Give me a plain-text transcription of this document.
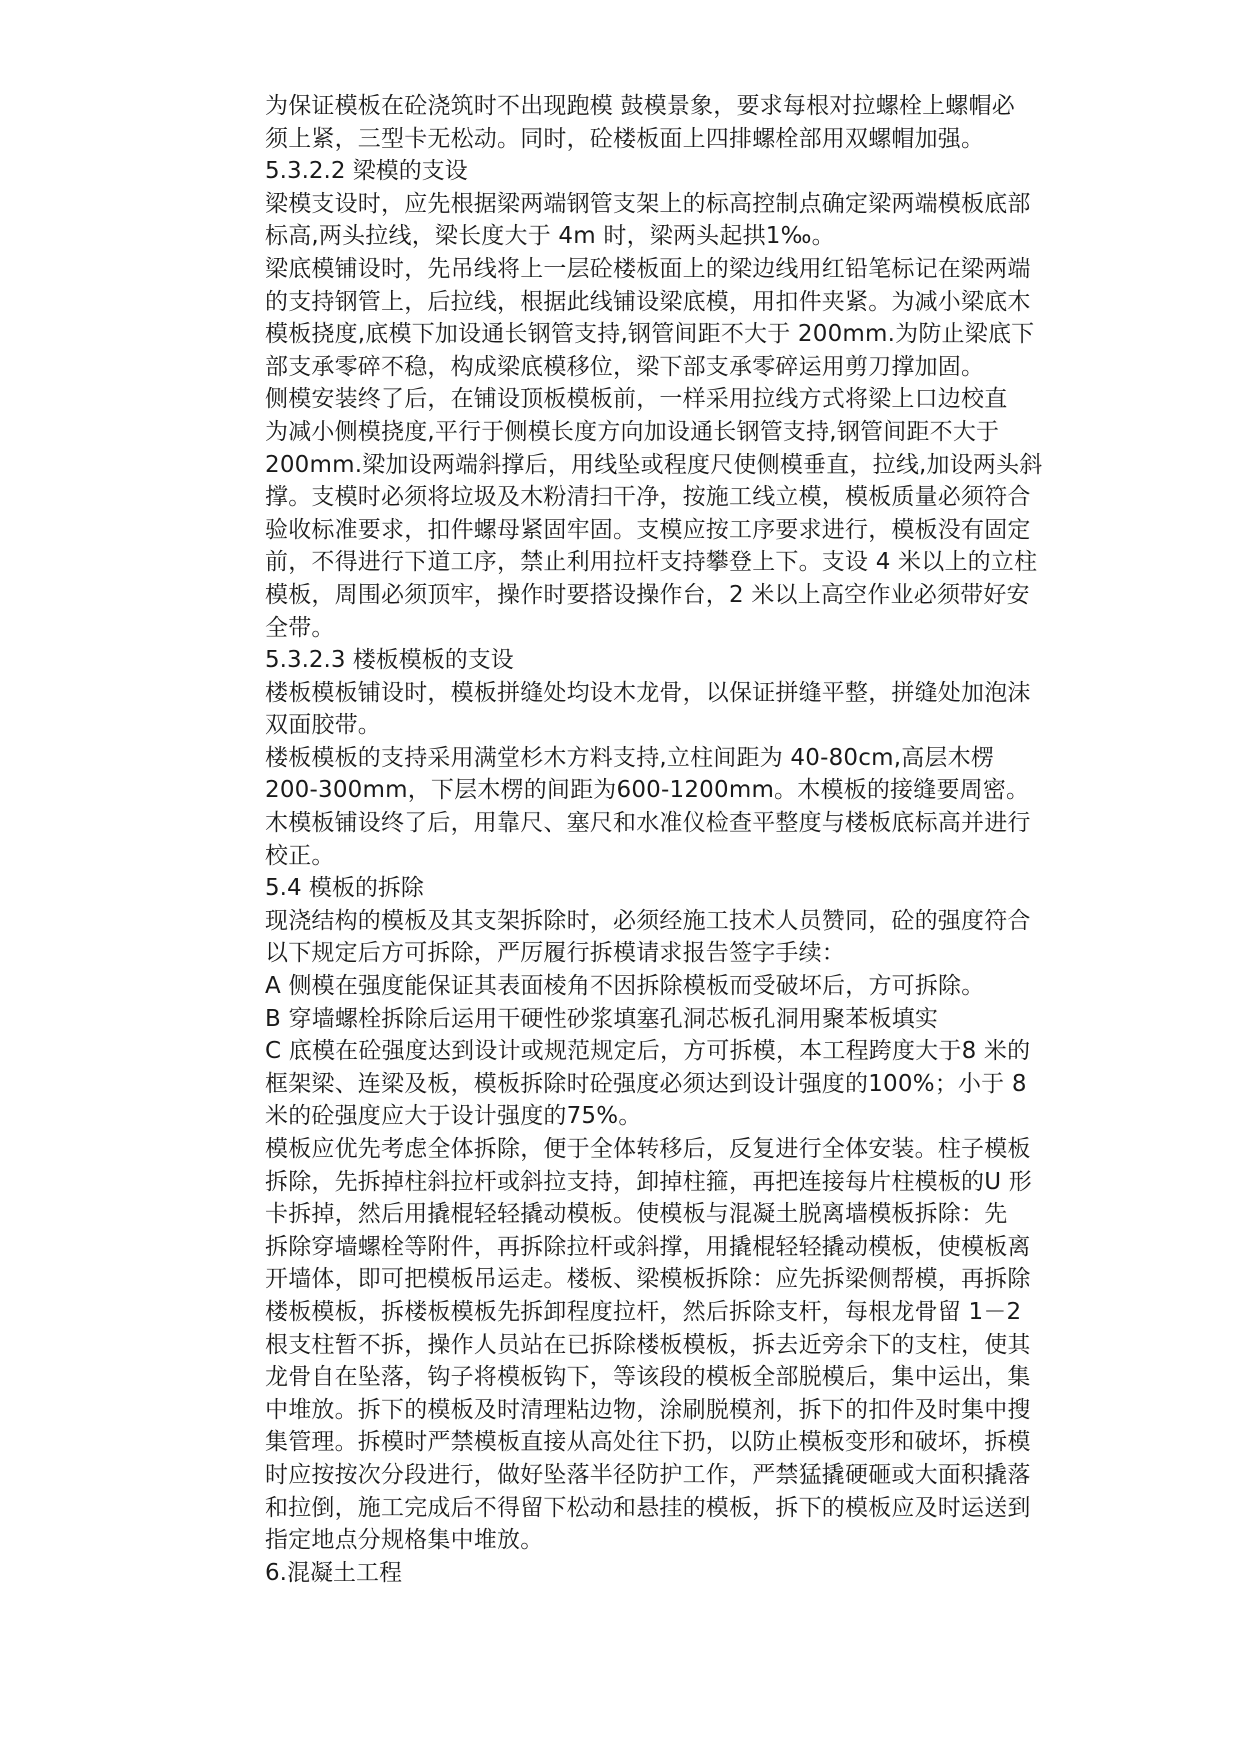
为保证模板在砼浇筑时不出现跑模 鼓模景象，要求每根对拉螺栓上螺帽必
须上紧，三型卡无松动。同时，砼楼板面上四排螺栓部用双螺帽加强。
5.3.2.2 梁模的支设
梁模支设时，应先根据梁两端钢管支架上的标高控制点确定梁两端模板底部
标高,两头拉线，梁长度大于 4m 时，梁两头起拱1‰。
梁底模铺设时，先吊线将上一层砼楼板面上的梁边线用红铅笔标记在梁两端
的支持钢管上，后拉线，根据此线铺设梁底模，用扣件夹紧。为减小梁底木
模板挠度,底模下加设通长钢管支持,钢管间距不大于 200mm.为防止梁底下
部支承零碎不稳，构成梁底模移位，梁下部支承零碎运用剪刀撑加固。
侧模安装终了后，在铺设顶板模板前，一样采用拉线方式将梁上口边校直
为减小侧模挠度,平行于侧模长度方向加设通长钢管支持,钢管间距不大于
200mm.梁加设两端斜撑后，用线坠或程度尺使侧模垂直，拉线,加设两头斜
撑。支模时必须将垃圾及木粉清扫干净，按施工线立模，模板质量必须符合
验收标准要求，扣件螺母紧固牢固。支模应按工序要求进行，模板没有固定
前，不得进行下道工序，禁止利用拉杆支持攀登上下。支设 4 米以上的立柱
模板，周围必须顶牢，操作时要搭设操作台，2 米以上高空作业必须带好安
全带。
5.3.2.3 楼板模板的支设
楼板模板铺设时，模板拼缝处均设木龙骨，以保证拼缝平整，拼缝处加泡沫
双面胶带。
楼板模板的支持采用满堂杉木方料支持,立柱间距为 40-80cm,高层木楞
200-300mm，下层木楞的间距为600-1200mm。木模板的接缝要周密。
木模板铺设终了后，用靠尺、塞尺和水准仪检查平整度与楼板底标高并进行
校正。
5.4 模板的拆除
现浇结构的模板及其支架拆除时，必须经施工技术人员赞同，砼的强度符合
以下规定后方可拆除，严厉履行拆模请求报告签字手续：
A 侧模在强度能保证其表面棱角不因拆除模板而受破坏后，方可拆除。
B 穿墙螺栓拆除后运用干硬性砂浆填塞孔洞芯板孔洞用聚苯板填实
C 底模在砼强度达到设计或规范规定后，方可拆模，本工程跨度大于8 米的
框架梁、连梁及板，模板拆除时砼强度必须达到设计强度的100%；小于 8
米的砼强度应大于设计强度的75%。
模板应优先考虑全体拆除，便于全体转移后，反复进行全体安装。柱子模板
拆除，先拆掉柱斜拉杆或斜拉支持，卸掉柱箍，再把连接每片柱模板的U 形
卡拆掉，然后用撬棍轻轻撬动模板。使模板与混凝土脱离墙模板拆除：先
拆除穿墙螺栓等附件，再拆除拉杆或斜撑，用撬棍轻轻撬动模板，使模板离
开墙体，即可把模板吊运走。楼板、梁模板拆除：应先拆梁侧帮模，再拆除
楼板模板，拆楼板模板先拆卸程度拉杆，然后拆除支杆，每根龙骨留 1－2
根支柱暂不拆，操作人员站在已拆除楼板模板，拆去近旁余下的支柱，使其
龙骨自在坠落，钩子将模板钩下，等该段的模板全部脱模后，集中运出，集
中堆放。拆下的模板及时清理粘边物，涂刷脱模剂，拆下的扣件及时集中搜
集管理。拆模时严禁模板直接从高处往下扔，以防止模板变形和破坏，拆模
时应按按次分段进行，做好坠落半径防护工作，严禁猛撬硬砸或大面积撬落
和拉倒，施工完成后不得留下松动和悬挂的模板，拆下的模板应及时运送到
指定地点分规格集中堆放。
6.混凝土工程
